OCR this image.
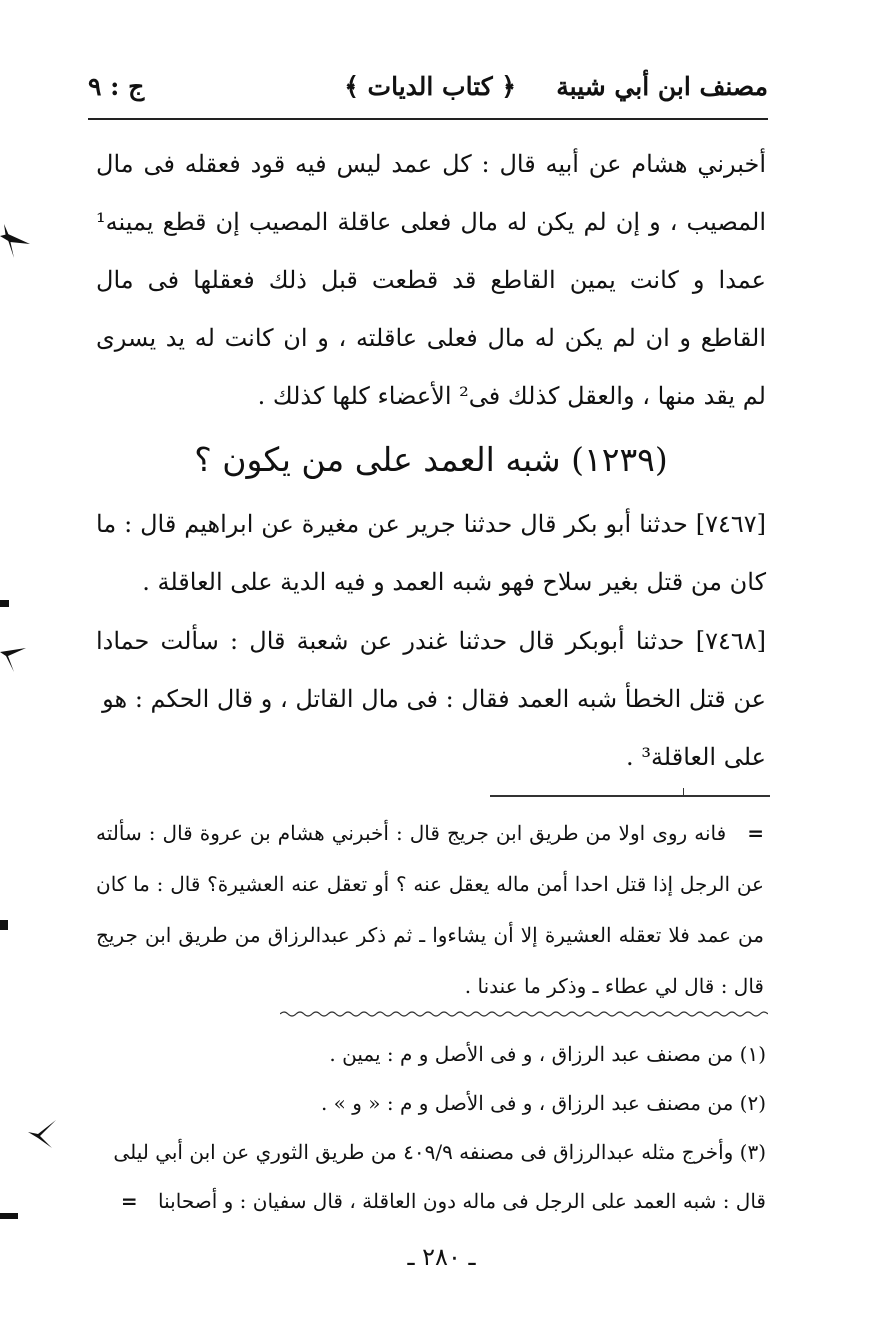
مصنف ابن أبي شيبة
﴿ كتاب الديات ﴾
ج : ٩
أخبرني هشام عن أبيه قال : كل عمد ليس فيه قود فعقله فى مال المصيب ، و إن لم يكن له مال فعلى عاقلة المصيب إن قطع يمينه¹ عمدا و كانت يمين القاطع قد قطعت قبل ذلك فعقلها فى مال القاطع و ان لم يكن له مال فعلى عاقلته ، و ان كانت له يد يسرى لم يقد منها ، والعقل كذلك فى² الأعضاء كلها كذلك .
(١٢٣٩) شبه العمد على من يكون ؟
[٧٤٦٧] حدثنا أبو بكر قال حدثنا جرير عن مغيرة عن ابراهيم قال : ما كان من قتل بغير سلاح فهو شبه العمد و فيه الدية على العاقلة .
[٧٤٦٨] حدثنا أبوبكر قال حدثنا غندر عن شعبة قال : سألت حمادا عن قتل الخطأ شبه العمد فقال : فى مال القاتل ، و قال الحكم : هو
على العاقلة³ .
= فانه روى اولا من طريق ابن جريج قال : أخبرني هشام بن عروة قال : سألته عن الرجل إذا قتل احدا أمن ماله يعقل عنه ؟ أو تعقل عنه العشيرة؟ قال : ما كان من عمد فلا تعقله العشيرة إلا أن يشاءوا ـ ثم ذكر عبدالرزاق من طريق ابن جريج قال : قال لي عطاء ـ وذكر ما عندنا .
(١) من مصنف عبد الرزاق ، و فى الأصل و م : يمين .
(٢) من مصنف عبد الرزاق ، و فى الأصل و م : « و » .
(٣) وأخرج مثله عبدالرزاق فى مصنفه ٤٠٩/٩ من طريق الثوري عن ابن أبي ليلى
قال : شبه العمد على الرجل فى ماله دون العاقلة ، قال سفيان : و أصحابنا =
ـ ٢٨٠ ـ
